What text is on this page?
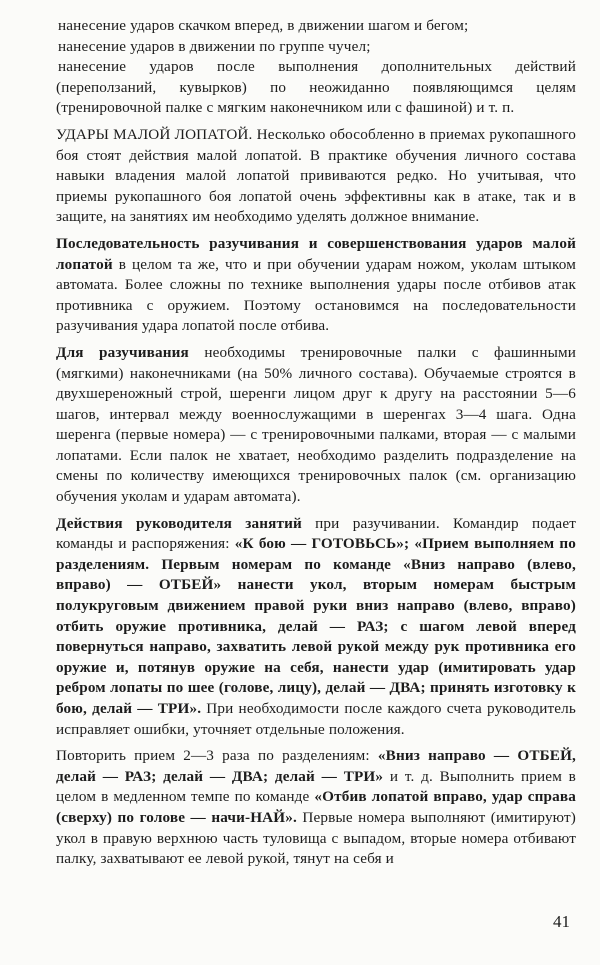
нанесение ударов скачком вперед, в движении шагом и бегом;

нанесение ударов в движении по группе чучел;

нанесение ударов после выполнения дополнительных действий (переползаний, кувырков) по неожиданно появляющимся целям (тренировочной палке с мягким наконечником или с фашиной) и т. п.

УДАРЫ МАЛОЙ ЛОПАТОЙ. Несколько обособленно в приемах рукопашного боя стоят действия малой лопатой. В практике обучения личного состава навыки владения малой лопатой прививаются редко. Но учитывая, что приемы рукопашного боя лопатой очень эффективны как в атаке, так и в защите, на занятиях им необходимо уделять должное внимание.

Последовательность разучивания и совершенствования ударов малой лопатой в целом та же, что и при обучении ударам ножом, уколам штыком автомата. Более сложны по технике выполнения удары после отбивов атак противника с оружием. Поэтому остановимся на последовательности разучивания удара лопатой после отбива.

Для разучивания необходимы тренировочные палки с фашинными (мягкими) наконечниками (на 50% личного состава). Обучаемые строятся в двухшереножный строй, шеренги лицом друг к другу на расстоянии 5—6 шагов, интервал между военнослужащими в шеренгах 3—4 шага. Одна шеренга (первые номера) — с тренировочными палками, вторая — с малыми лопатами. Если палок не хватает, необходимо разделить подразделение на смены по количеству имеющихся тренировочных палок (см. организацию обучения уколам и ударам автомата).

Действия руководителя занятий при разучивании. Командир подает команды и распоряжения: «К бою — ГОТОВЬСЬ»; «Прием выполняем по разделениям. Первым номерам по команде «Вниз направо (влево, вправо) — ОТБЕЙ» нанести укол, вторым номерам быстрым полукруговым движением правой руки вниз направо (влево, вправо) отбить оружие противника, делай — РАЗ; с шагом левой вперед повернуться направо, захватить левой рукой между рук противника его оружие и, потянув оружие на себя, нанести удар (имитировать удар ребром лопаты по шее (голове, лицу), делай — ДВА; принять изготовку к бою, делай — ТРИ». При необходимости после каждого счета руководитель исправляет ошибки, уточняет отдельные положения.

Повторить прием 2—3 раза по разделениям: «Вниз направо — ОТБЕЙ, делай — РАЗ; делай — ДВА; делай — ТРИ» и т. д. Выполнить прием в целом в медленном темпе по команде «Отбив лопатой вправо, удар справа (сверху) по голове — начи-НАЙ». Первые номера выполняют (имитируют) укол в правую верхнюю часть туловища с выпадом, вторые номера отбивают палку, захватывают ее левой рукой, тянут на себя и

41
